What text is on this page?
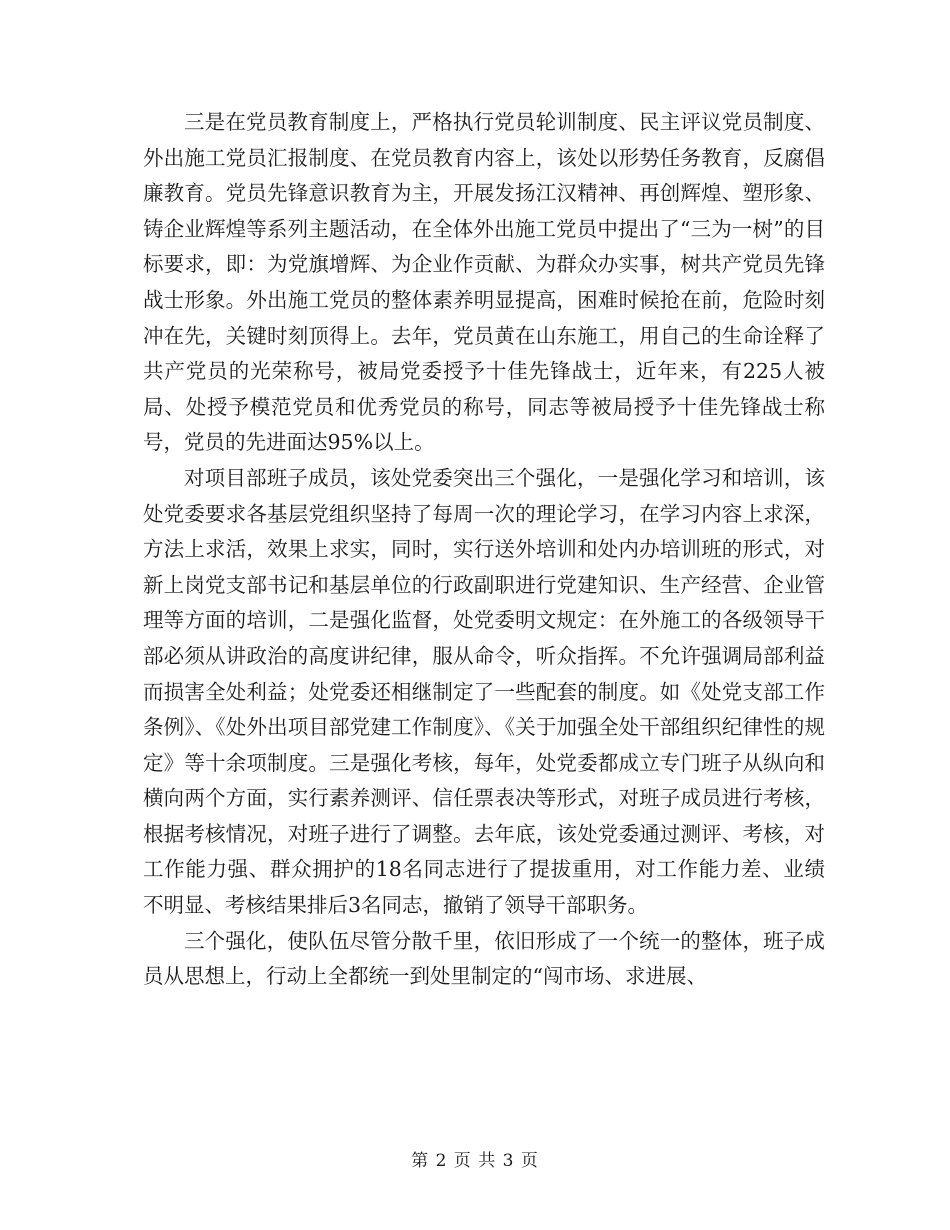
三是在党员教育制度上，严格执行党员轮训制度、民主评议党员制度、外出施工党员汇报制度、在党员教育内容上，该处以形势任务教育，反腐倡廉教育。党员先锋意识教育为主，开展发扬江汉精神、再创辉煌、塑形象、铸企业辉煌等系列主题活动，在全体外出施工党员中提出了“三为一树”的目标要求，即：为党旗增辉、为企业作贡献、为群众办实事，树共产党员先锋战士形象。外出施工党员的整体素养明显提高，困难时候抢在前，危险时刻冲在先，关键时刻顶得上。去年，党员黄在山东施工，用自己的生命诠释了共产党员的光荣称号，被局党委授予十佳先锋战士，近年来，有225人被局、处授予模范党员和优秀党员的称号，同志等被局授予十佳先锋战士称号，党员的先进面达95%以上。

对项目部班子成员，该处党委突出三个强化，一是强化学习和培训，该处党委要求各基层党组织坚持了每周一次的理论学习，在学习内容上求深，方法上求活，效果上求实，同时，实行送外培训和处内办培训班的形式，对新上岗党支部书记和基层单位的行政副职进行党建知识、生产经营、企业管理等方面的培训，二是强化监督，处党委明文规定：在外施工的各级领导干部必须从讲政治的高度讲纪律，服从命令，听众指挥。不允许强调局部利益而损害全处利益；处党委还相继制定了一些配套的制度。如《处党支部工作条例》、《处外出项目部党建工作制度》、《关于加强全处干部组织纪律性的规定》等十余项制度。三是强化考核，每年，处党委都成立专门班子从纵向和横向两个方面，实行素养测评、信任票表决等形式，对班子成员进行考核，根据考核情况，对班子进行了调整。去年底，该处党委通过测评、考核，对工作能力强、群众拥护的18名同志进行了提拔重用，对工作能力差、业绩不明显、考核结果排后3名同志，撤销了领导干部职务。

三个强化，使队伍尽管分散千里，依旧形成了一个统一的整体，班子成员从思想上，行动上全都统一到处里制定的“闯市场、求进展、

第 2 页 共 3 页
